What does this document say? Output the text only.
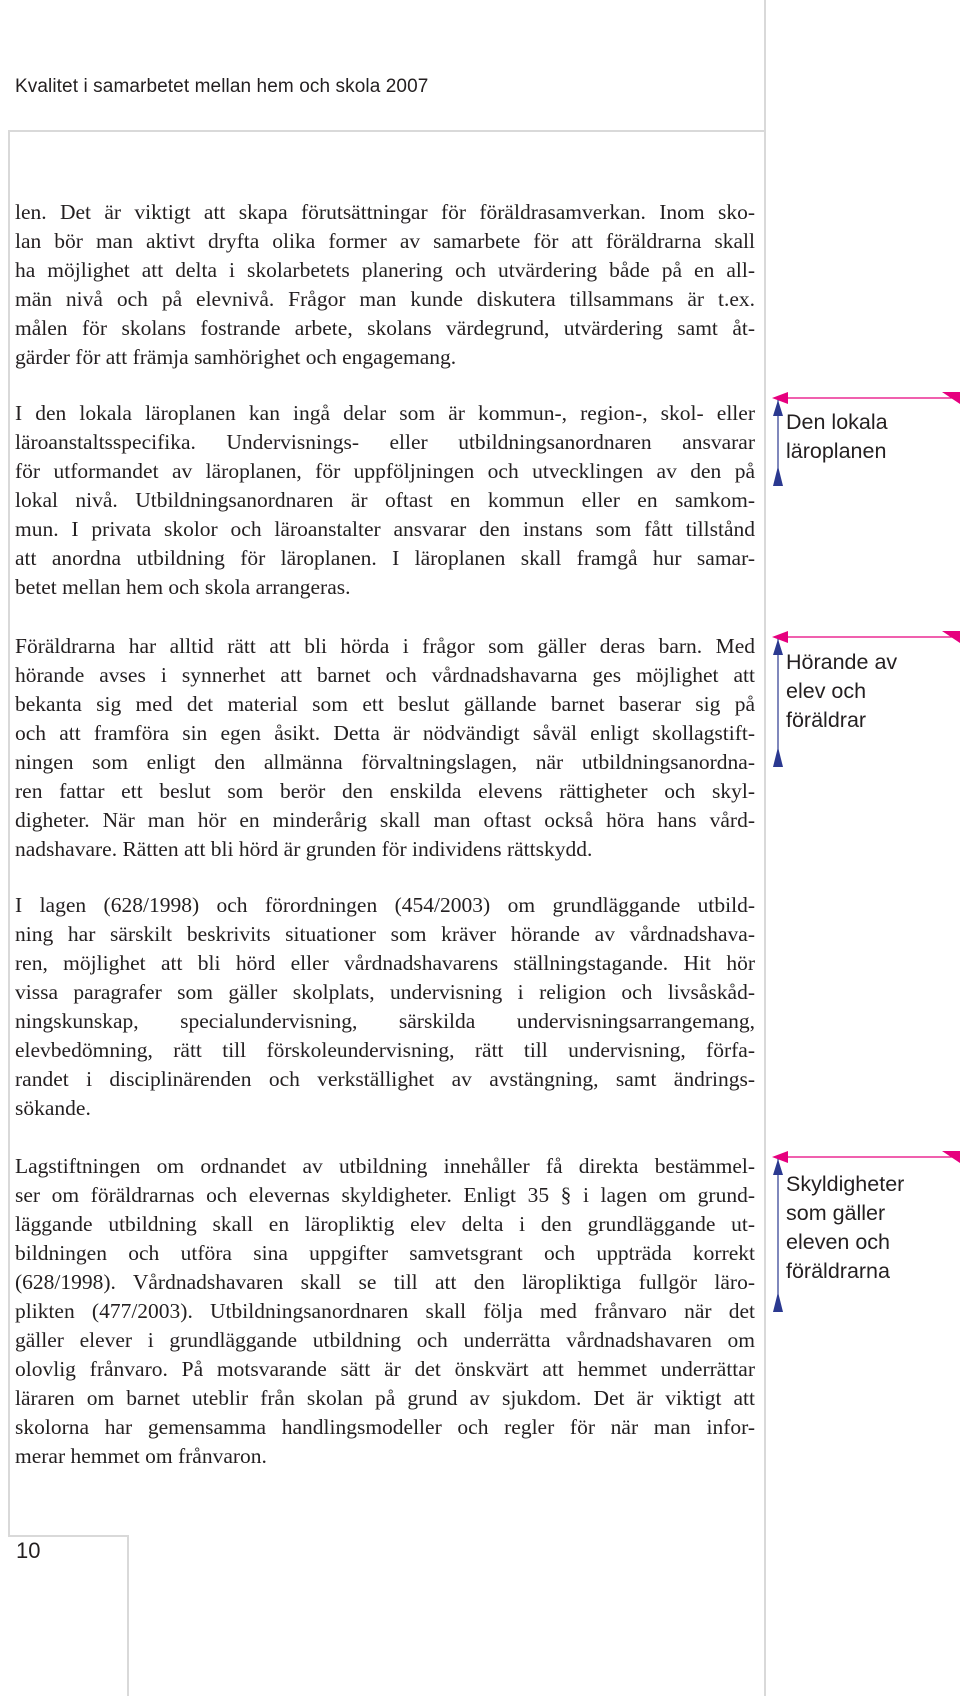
Kvalitet i samarbetet mellan hem och skola 2007
len. Det är viktigt att skapa förutsättningar för föräldrasamverkan. Inom sko-
lan bör man aktivt dryfta olika former av samarbete för att föräldrarna skall
ha möjlighet att delta i skolarbetets planering och utvärdering både på en all-
män nivå och på elevnivå. Frågor man kunde diskutera tillsammans är t.ex.
målen för skolans fostrande arbete, skolans värdegrund, utvärdering samt åt-
gärder för att främja samhörighet och engagemang.
I den lokala läroplanen kan ingå delar som är kommun-, region-, skol- eller
läroanstaltsspecifika. Undervisnings- eller utbildningsanordnaren ansvarar
för utformandet av läroplanen, för uppföljningen och utvecklingen av den på
lokal nivå. Utbildningsanordnaren är oftast en kommun eller en samkom-
mun. I privata skolor och läroanstalter ansvarar den instans som fått tillstånd
att anordna utbildning för läroplanen. I läroplanen skall framgå hur samar-
betet mellan hem och skola arrangeras.
Föräldrarna har alltid rätt att bli hörda i frågor som gäller deras barn. Med
hörande avses i synnerhet att barnet och vårdnadshavarna ges möjlighet att
bekanta sig med det material som ett beslut gällande barnet baserar sig på
och att framföra sin egen åsikt. Detta är nödvändigt såväl enligt skollagstift-
ningen som enligt den allmänna förvaltningslagen, när utbildningsanordna-
ren fattar ett beslut som berör den enskilda elevens rättigheter och skyl-
digheter. När man hör en minderårig skall man oftast också höra hans vård-
nadshavare. Rätten att bli hörd är grunden för individens rättskydd.
I lagen (628/1998) och förordningen (454/2003) om grundläggande utbild-
ning har särskilt beskrivits situationer som kräver hörande av vårdnadshava-
ren, möjlighet att bli hörd eller vårdnadshavarens ställningstagande. Hit hör
vissa paragrafer som gäller skolplats, undervisning i religion och livsåskåd-
ningskunskap, specialundervisning, särskilda undervisningsarrangemang,
elevbedömning, rätt till förskoleundervisning, rätt till undervisning, förfa-
randet i disciplinärenden och verkställighet av avstängning, samt ändrings-
sökande.
Lagstiftningen om ordnandet av utbildning innehåller få direkta bestämmel-
ser om föräldrarnas och elevernas skyldigheter. Enligt 35 § i lagen om grund-
läggande utbildning skall en läropliktig elev delta i den grundläggande ut-
bildningen och utföra sina uppgifter samvetsgrant och uppträda korrekt
(628/1998). Vårdnadshavaren skall se till att den läropliktiga fullgör läro-
plikten (477/2003). Utbildningsanordnaren skall följa med frånvaro när det
gäller elever i grundläggande utbildning och underrätta vårdnadshavaren om
olovlig frånvaro. På motsvarande sätt är det önskvärt att hemmet underrättar
läraren om barnet uteblir från skolan på grund av sjukdom. Det är viktigt att
skolorna har gemensamma handlingsmodeller och regler för när man infor-
merar hemmet om frånvaron.
Den lokala
läroplanen
Hörande av
elev och
föräldrar
Skyldigheter
som gäller
eleven och
föräldrarna
10
